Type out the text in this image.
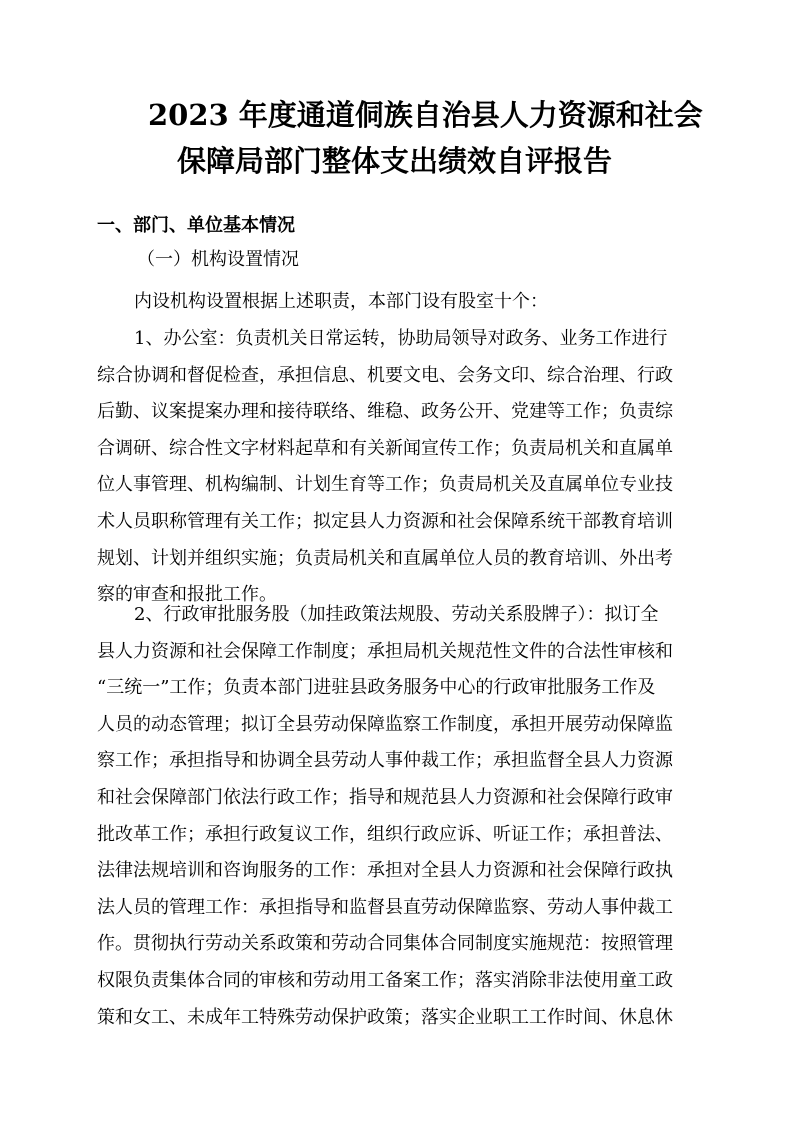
2023 年度通道侗族自治县人力资源和社会
保障局部门整体支出绩效自评报告
一、部门、单位基本情况
（一）机构设置情况
内设机构设置根据上述职责，本部门设有股室十个：
1、办公室：负责机关日常运转，协助局领导对政务、业务工作进行
综合协调和督促检查，承担信息、机要文电、会务文印、综合治理、行政
后勤、议案提案办理和接待联络、维稳、政务公开、党建等工作；负责综
合调研、综合性文字材料起草和有关新闻宣传工作；负责局机关和直属单
位人事管理、机构编制、计划生育等工作；负责局机关及直属单位专业技
术人员职称管理有关工作；拟定县人力资源和社会保障系统干部教育培训
规划、计划并组织实施；负责局机关和直属单位人员的教育培训、外出考
察的审查和报批工作。
2、行政审批服务股（加挂政策法规股、劳动关系股牌子）：拟订全
县人力资源和社会保障工作制度；承担局机关规范性文件的合法性审核和
“三统一”工作；负责本部门进驻县政务服务中心的行政审批服务工作及
人员的动态管理；拟订全县劳动保障监察工作制度，承担开展劳动保障监
察工作；承担指导和协调全县劳动人事仲裁工作；承担监督全县人力资源
和社会保障部门依法行政工作；指导和规范县人力资源和社会保障行政审
批改革工作；承担行政复议工作，组织行政应诉、听证工作；承担普法、
法律法规培训和咨询服务的工作：承担对全县人力资源和社会保障行政执
法人员的管理工作：承担指导和监督县直劳动保障监察、劳动人事仲裁工
作。贯彻执行劳动关系政策和劳动合同集体合同制度实施规范：按照管理
权限负责集体合同的审核和劳动用工备案工作；落实消除非法使用童工政
策和女工、未成年工特殊劳动保护政策；落实企业职工工作时间、休息休
